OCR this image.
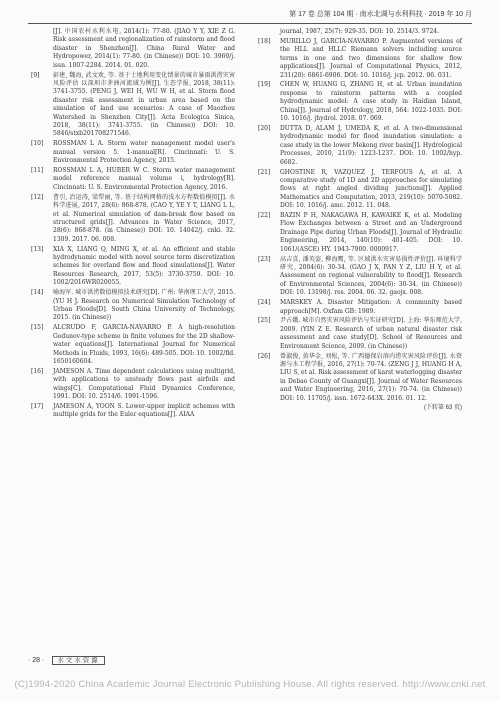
第 17 卷 总第 104 期 · 南水北调与水利科技 · 2019 年 10 月
[J]. 中国农村水利水电, 2014(1): 77-80. (JIAO Y Y, XIE Z G. Risk assessment and regionalization of rainstorm and flood disaster in Shenzhen[J]. China Rural Water and Hydropower, 2014(1): 77-80. (in Chinese)) DOI: 10. 3969/j. issn. 1007-2284. 2014. 01. 020.
[9]	彭建, 魏海, 武文欢, 等. 基于土地利用变化情景的城市暴雨洪涝灾害风险评估 以深圳市茅洲河流域为例[J]. 生态学报, 2018, 38(11): 3741-3755. (PENG J, WEI H, WU W H, et al. Storm flood disaster risk assessment in urban area based on the simulation of land use scenarios: A case of Maozhou Watershed in Shenzhen City[J]. Acta Ecologica Sinica, 2018, 38(11): 3741-3755. (in Chinese)) DOI: 10. 5846/stxb201708271546.
[10]	ROSSMAN L A. Storm water management model user's manual version 5. 1-manual[R]. Cincinnati: U. S. Environmental Protection Agency, 2015.
[11]	ROSSMAN L A, HUBER W C. Storm water management model reference manual volume i, hydrology[R]. Cincinnati: U. S. Environmental Protection Agency, 2016.
[12]	曹引, 冶运涛, 梁犁丽, 等. 基于结构网格的浅水方程数值模拟[J]. 水科学进展, 2017, 28(6): 868-878. (CAO Y, YE Y T, LIANG L L, et al. Numerical simulation of dam-break flow based on structured grids[J]. Advances in Water Science, 2017, 28(6): 868-878. (in Chinese)) DOI: 10. 14042/j. cnki. 32. 1309. 2017. 06. 008.
[13]	XIA X, LIANG Q, MING X, et al. An efficient and stable hydrodynamic model with novel source term discretization schemes for overland flow and flood simulations[J]. Water Resources Research, 2017, 53(5): 3730-3759. DOI: 10. 1002/2016WR020055.
[14]	喻海军. 城市洪涝数值模拟技术研究[D]. 广州: 华南理工大学, 2015. (YU H J. Research on Numerical Simulation Technology of Urban Floods[D]. South China University of Technology, 2015. (in Chinese))
[15]	ALCRUDO F, GARCIA-NAVARRO P. A high-resolution Godunov-type scheme in finite volumes for the 2D shallow-water equations[J]. International Journal for Numerical Methods in Fluids, 1993, 16(6): 489-505. DOI: 10. 1002/fld. 1650160604.
[16]	JAMESON A. Time dependent calculations using multigrid, with applications to unsteady flows past airfoils and wings[C]. Computational Fluid Dynamics Conference, 1991. DOI: 10. 2514/6. 1991-1596.
[17]	JAMESON A, YOON S. Lower-upper implicit schemes with multiple grids for the Euler equations[J]. AIAA
journal, 1987, 25(7): 929-35. DOI: 10. 2514/3. 9724.
[18]	MURILLO J, GARCÍA-NAVARRO P. Augmented versions of the HLL and HLLC Riemann solvers including source terms in one and two dimensions for shallow flow applications[J]. Journal of Computational Physics, 2012, 231(20): 6861-6906. DOI: 10. 1016/j. jcp. 2012. 06. 031.
[19]	CHEN W, HUANG G, ZHANG H, et al. Urban inundation response to rainstorm patterns with a coupled hydrodynamic model: A case study in Haidian Island, China[J]. Journal of Hydrology, 2018, 564: 1022-1035. DOI: 10. 1016/j. jhydrol. 2018. 07. 069.
[20]	DUTTA D, ALAM J, UMEDA K, et al. A two-dimensional hydrodynamic model for flood inundation simulation: a case study in the lower Mekong river basin[J]. Hydrological Processes, 2010, 21(9): 1223-1237. DOI: 10. 1002/hyp. 6682.
[21]	GHOSTINE R, VAZQUEZ J, TERFOUS A, et al. A comparative study of 1D and 2D approaches for simulating flows at right angled dividing junctions[J]. Applied Mathematics and Computation, 2013, 219(10): 5070-5082. DOI: 10. 1016/j. amc. 2012. 11. 048.
[22]	BAZIN P H, NAKAGAWA H, KAWAIKE K, et al. Modeling Flow Exchanges between a Street and an Underground Drainage Pipe during Urban Floods[J]. Journal of Hydraulic Engineering, 2014, 140(10): 401-405. DOI: 10. 1061/(ASCE) HY. 1943-7900. 0000917.
[23]	高吉喜, 潘英姿, 柳海鹰, 等. 区域洪水灾害易损性评价[J]. 环境科学研究, 2004(6): 30-34. (GAO J X, PAN Y Z, LIU H Y, et al. Assessment on regional vulnerability to flood[J]. Research of Environmental Sciences, 2004(6): 30-34. (in Chinese)) DOI: 10. 13198/j. res. 2004. 06. 32. gaojx. 008.
[24]	MARSKEY A. Disaster Mitigation: A community based approach[M]. Oxfam GB: 1989.
[25]	尹占娥. 城市自然灾害风险评估与实证研究[D]. 上海: 华东师范大学, 2009. (YIN Z E. Research of urban natural disaster risk assessment and case study[D]. School of Resources and Environment Science, 2009. (in Chinese))
[26]	曾淑俊, 黄华金, 刘松, 等. 广西德保岩溶内涝灾害风险评价[J]. 水资源与水工程学报, 2016, 27(1): 70-74. (ZENG J J, HUANG H A, LIU S, et al. Risk assessment of karst waterlogging disaster in Debao County of Guangxi[J]. Journal of Water Resources and Water Engineering, 2016, 27(1): 70-74. (in Chinese)) DOI: 10. 11705/j. issn. 1672-643X. 2016. 01. 12.
(下转第 63 页)
· 28 · 水文水资源
(C)1994-2020 China Academic Journal Electronic Publishing House. All rights reserved. http://www.cnki.net
